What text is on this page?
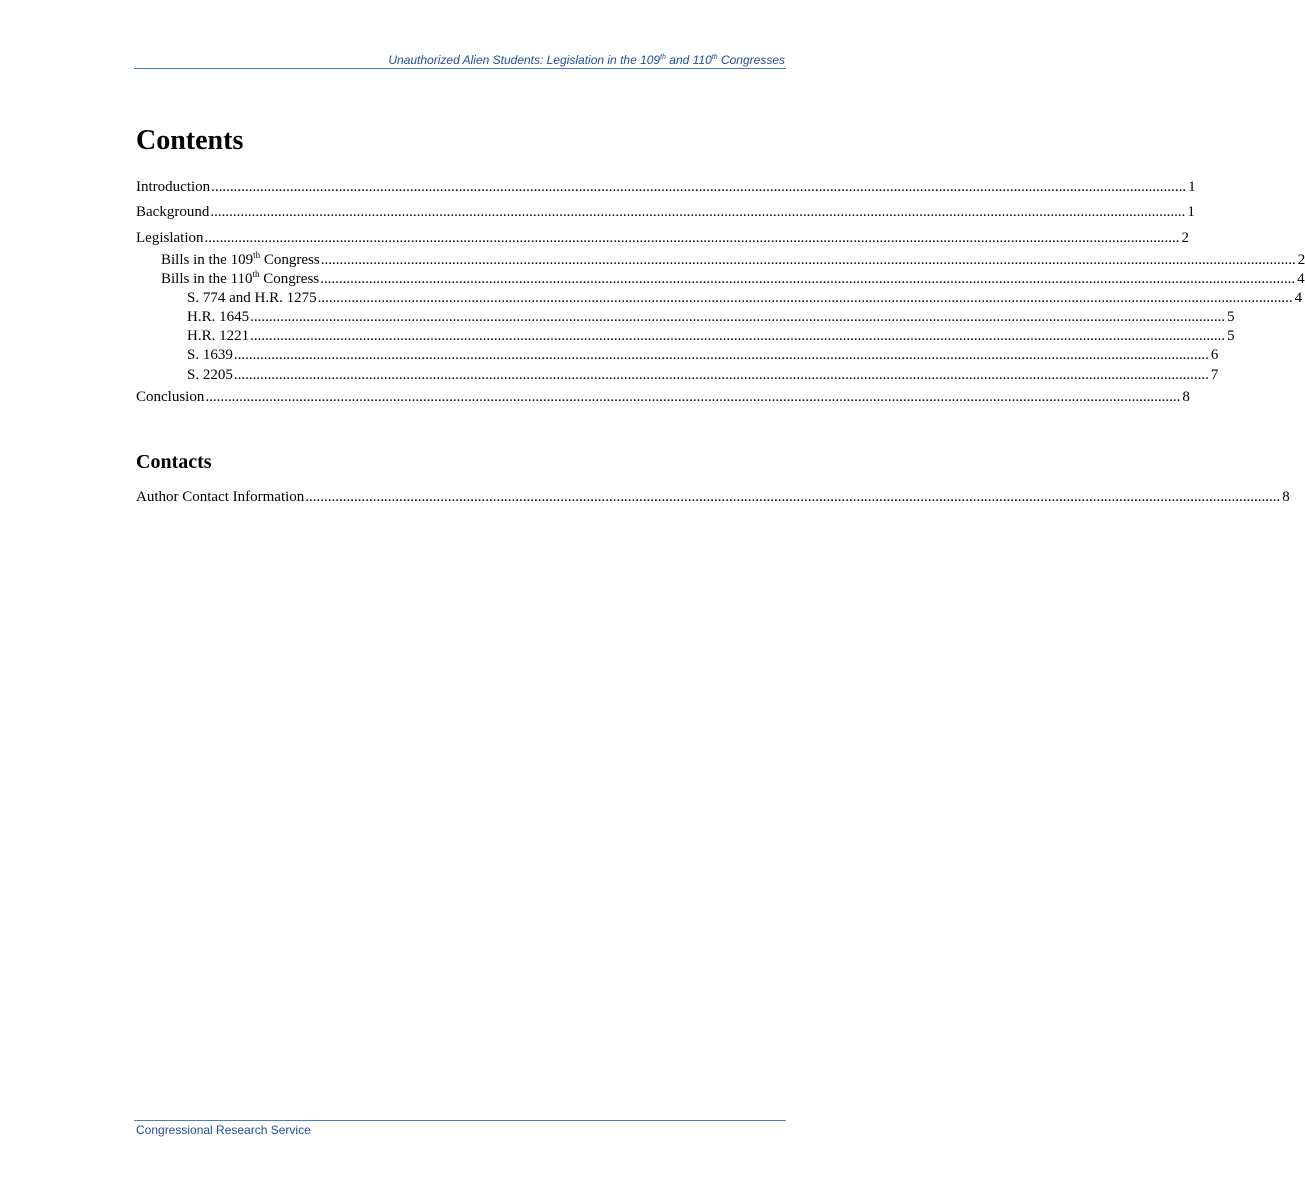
Unauthorized Alien Students: Legislation in the 109th and 110th Congresses
Contents
Introduction .................................................................................................................................................................................................................................................................... 1
Background .................................................................................................................................................................................................................................................................... 1
Legislation .................................................................................................................................................................................................................................................................... 2
Bills in the 109th Congress .................................................................................................................................................................................................................................................................... 2
Bills in the 110th Congress .................................................................................................................................................................................................................................................................... 4
S. 774 and H.R. 1275 .................................................................................................................................................................................................................................................................... 4
H.R. 1645 .................................................................................................................................................................................................................................................................... 5
H.R. 1221 .................................................................................................................................................................................................................................................................... 5
S. 1639 .................................................................................................................................................................................................................................................................... 6
S. 2205 .................................................................................................................................................................................................................................................................... 7
Conclusion .................................................................................................................................................................................................................................................................... 8
Contacts
Author Contact Information .................................................................................................................................................................................................................................................................... 8
Congressional Research Service
